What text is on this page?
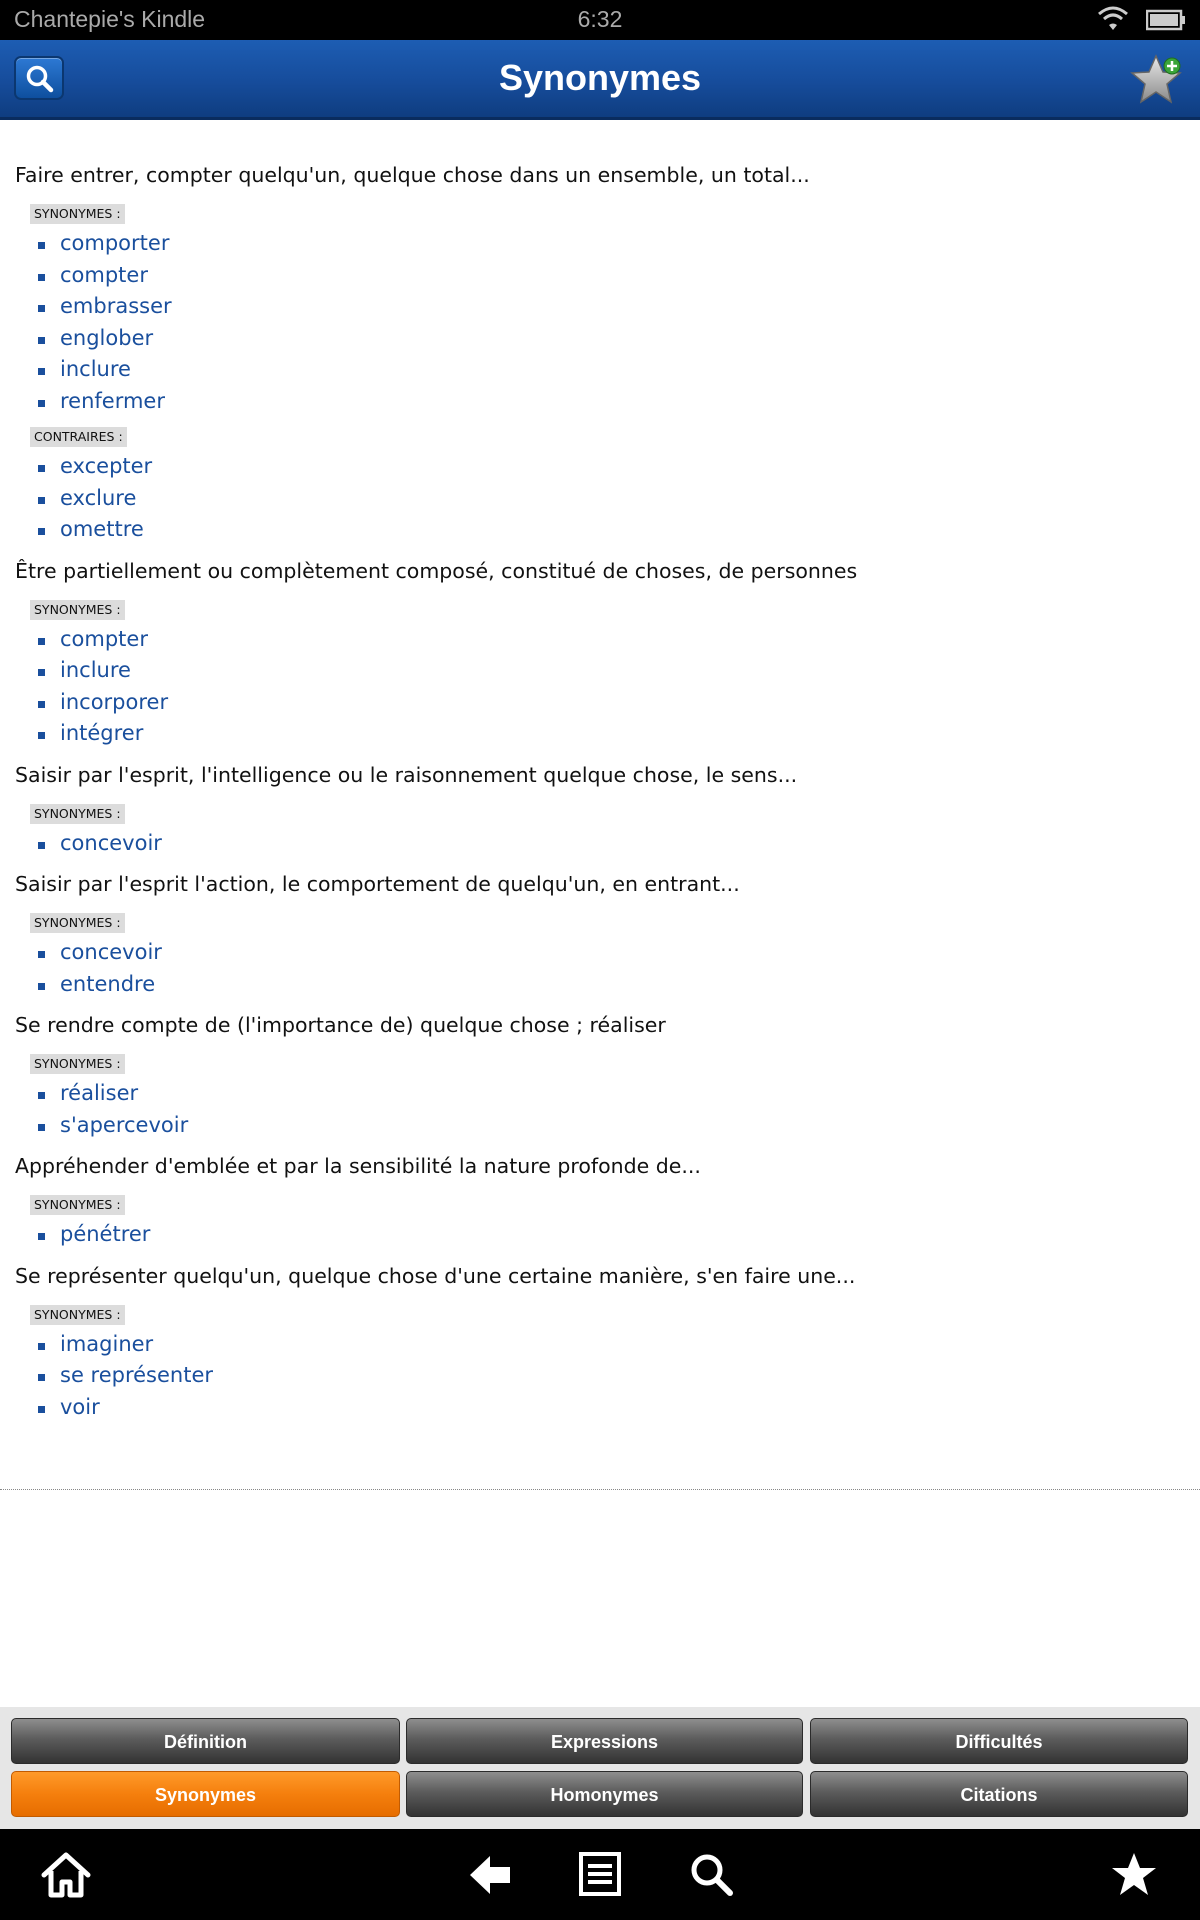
Chantepie's Kindle	6:32
Synonymes
Faire entrer, compter quelqu'un, quelque chose dans un ensemble, un total...
SYNONYMES :
comporter
compter
embrasser
englober
inclure
renfermer
CONTRAIRES :
excepter
exclure
omettre
Être partiellement ou complètement composé, constitué de choses, de personnes
SYNONYMES :
compter
inclure
incorporer
intégrer
Saisir par l'esprit, l'intelligence ou le raisonnement quelque chose, le sens...
SYNONYMES :
concevoir
Saisir par l'esprit l'action, le comportement de quelqu'un, en entrant...
SYNONYMES :
concevoir
entendre
Se rendre compte de (l'importance de) quelque chose ; réaliser
SYNONYMES :
réaliser
s'apercevoir
Appréhender d'emblée et par la sensibilité la nature profonde de...
SYNONYMES :
pénétrer
Se représenter quelqu'un, quelque chose d'une certaine manière, s'en faire une...
SYNONYMES :
imaginer
se représenter
voir
Définition	Expressions	Difficultés
Synonymes	Homonymes	Citations
